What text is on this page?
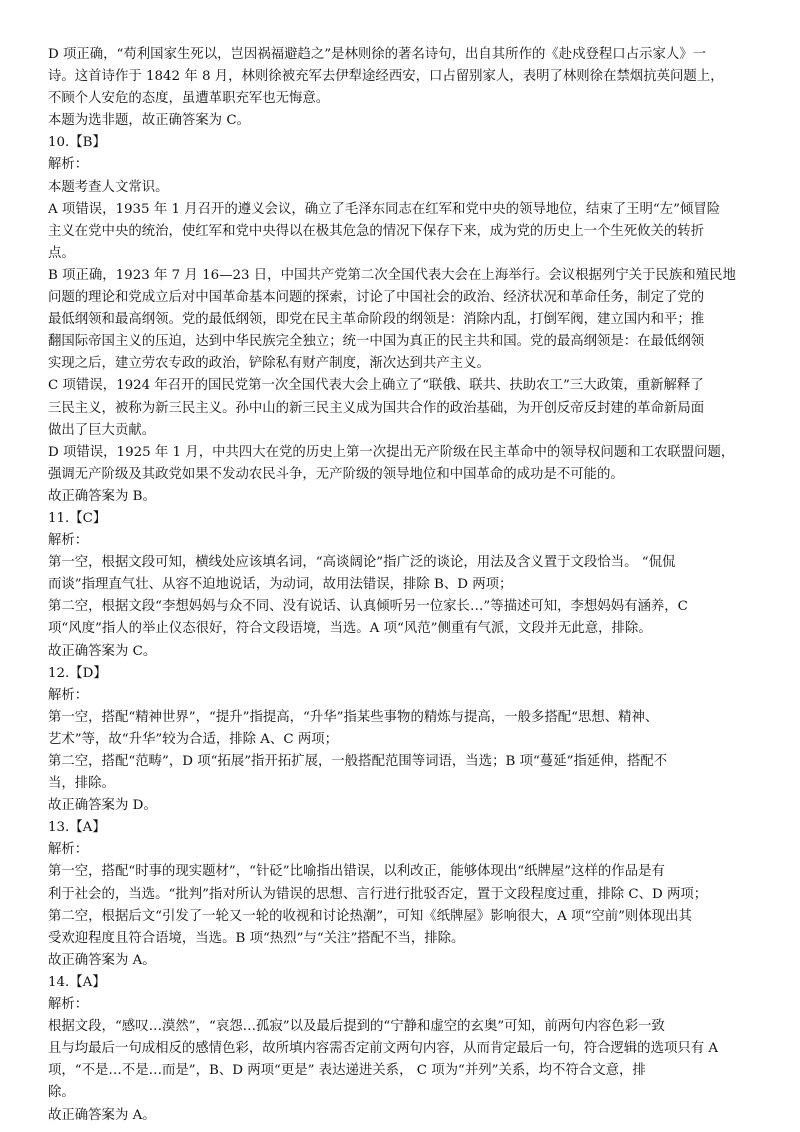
D 项正确，“苟利国家生死以，岂因祸福避趋之”是林则徐的著名诗句，出自其所作的《赴戍登程口占示家人》一

诗。这首诗作于 1842 年 8 月，林则徐被充军去伊犁途经西安，口占留别家人，表明了林则徐在禁烟抗英问题上，

不顾个人安危的态度，虽遭革职充军也无悔意。

本题为选非题，故正确答案为 C。

10.【B】

解析：

本题考查人文常识。

A 项错误，1935 年 1 月召开的遵义会议，确立了毛泽东同志在红军和党中央的领导地位，结束了王明“左”倾冒险

主义在党中央的统治，使红军和党中央得以在极其危急的情况下保存下来，成为党的历史上一个生死攸关的转折

点。

B 项正确，1923 年 7 月 16—23 日，中国共产党第二次全国代表大会在上海举行。会议根据列宁关于民族和殖民地

问题的理论和党成立后对中国革命基本问题的探索，讨论了中国社会的政治、经济状况和革命任务，制定了党的

最低纲领和最高纲领。党的最低纲领，即党在民主革命阶段的纲领是：消除内乱，打倒军阀，建立国内和平；推

翻国际帝国主义的压迫，达到中华民族完全独立；统一中国为真正的民主共和国。党的最高纲领是：在最低纲领

实现之后，建立劳农专政的政治，铲除私有财产制度，渐次达到共产主义。

C 项错误，1924 年召开的国民党第一次全国代表大会上确立了“联俄、联共、扶助农工”三大政策，重新解释了

三民主义，被称为新三民主义。孙中山的新三民主义成为国共合作的政治基础，为开创反帝反封建的革命新局面

做出了巨大贡献。

D 项错误，1925 年 1 月，中共四大在党的历史上第一次提出无产阶级在民主革命中的领导权问题和工农联盟问题，

强调无产阶级及其政党如果不发动农民斗争，无产阶级的领导地位和中国革命的成功是不可能的。

故正确答案为 B。

11.【C】

解析：

第一空，根据文段可知，横线处应该填名词，“高谈阔论”指广泛的谈论，用法及含义置于文段恰当。 “侃侃

而谈”指理直气壮、从容不迫地说话，为动词，故用法错误，排除 B、D 两项；

第二空，根据文段“李想妈妈与众不同、没有说话、认真倾听另一位家长…”等描述可知，李想妈妈有涵养，C

项“风度”指人的举止仪态很好，符合文段语境，当选。A 项“风范”侧重有气派，文段并无此意，排除。

故正确答案为 C。

12.【D】

解析：

第一空，搭配“精神世界”，“提升”指提高，“升华”指某些事物的精炼与提高，一般多搭配“思想、精神、

艺术”等，故“升华”较为合适，排除 A、C 两项；

第二空，搭配“范畴”，D 项“拓展”指开拓扩展，一般搭配范围等词语，当选；B 项“蔓延”指延伸，搭配不

当，排除。

故正确答案为 D。

13.【A】

解析：

第一空，搭配“时事的现实题材”，“针砭”比喻指出错误，以利改正，能够体现出“纸牌屋”这样的作品是有

利于社会的，当选。“批判”指对所认为错误的思想、言行进行批驳否定，置于文段程度过重，排除 C、D 两项；

第二空，根据后文“引发了一轮又一轮的收视和讨论热潮”，可知《纸牌屋》影响很大，A 项“空前”则体现出其

受欢迎程度且符合语境，当选。B 项“热烈”与“关注”搭配不当，排除。

故正确答案为 A。

14.【A】

解析：

根据文段，“感叹…漠然”，“哀怨…孤寂”以及最后提到的“宁静和虚空的玄奥”可知，前两句内容色彩一致

且与均最后一句成相反的感情色彩，故所填内容需否定前文两句内容，从而肯定最后一句，符合逻辑的选项只有 A

项，“不是…不是…而是”，B、D 两项“更是” 表达递进关系， C 项为“并列”关系，均不符合文意，排

除。

故正确答案为 A。
